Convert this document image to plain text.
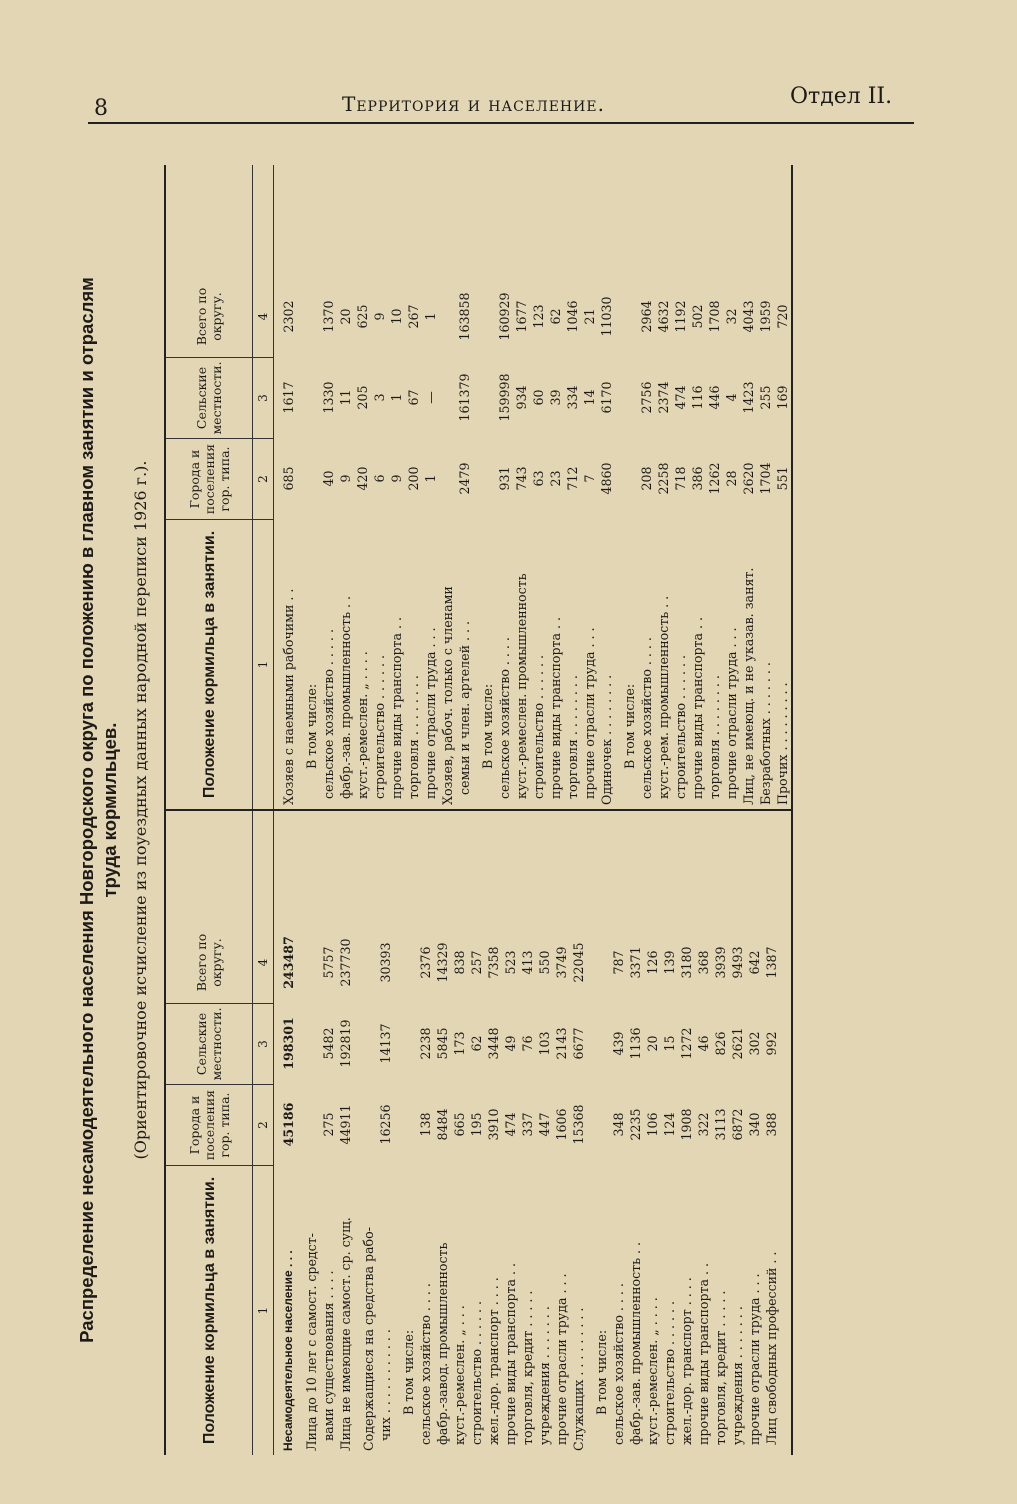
8	Территория и население.	Отдел II.

Распределение несамодеятельного населения Новгородского округа по положению в главном занятии и отраслям труда кормильцев. (Ориентировочное исчисление из поуездных данных народной переписи 1926 г.).

Положение кормильца в занятии.
Города и поселения гор. типа.
Сельские местности.
Всего по округу.
1
2
3
4
Несамодеятельное население . . .
45186
198301
243487
Лица до 10 лет с самост. средст- вами существования . . . .
275
5482
5757
Лица не имеющие самост. ср. сущ.
44911
192819
237730
Содержащиеся на средства рабо- чих . . . . . . . . . . .
16256
14137
30393
В том числе: сельское хозяйство . . . .
138
2238
2376
фабр.-завод. промышленность
8484
5845
14329
куст.-ремеслен. „ . . .
665
173
838
строительство . . . . . .
195
62
257
жел.-дор. транспорт . . . .
3910
3448
7358
прочие виды транспорта . .
474
49
523
торговля, кредит . . . . .
337
76
413
учреждения . . . . . . .
447
103
550
прочие отрасли труда . . .
1606
2143
3749
Служащих . . . . . . . . .
15368
6677
22045
В том числе: сельское хозяйство . . . .
348
439
787
фабр.-зав. промышленность . .
2235
1136
3371
куст.-ремеслен. „ . . . .
106
20
126
строительство . . . . . .
124
15
139
жел.-дор. транспорт . . . .
1908
1272
3180
прочие виды транспорта . .
322
46
368
торговля, кредит . . . . .
3113
826
3939
учреждения . . . . . . .
6872
2621
9493
прочие отрасли труда . . .
340
302
642
Лиц свободных профессий . .
388
992
1387
Положение кормильца в занятии.
Города и поселения гор. типа.
Сельские местности.
Всего по округу.
1
2
3
4
Хозяев с наемными рабочими . .
685
1617
2302
В том числе: сельское хозяйство . . . . .
40
1330
1370
фабр.-зав. промышленность . .
9
11
20
куст.-ремеслен. „ . . . .
420
205
625
строительство . . . . . .
6
3
9
прочие виды транспорта . .
9
1
10
торговля . . . . . . . .
200
67
267
прочие отрасли труда . . .
1
—
1
Хозяев, рабоч. только с членами семьи и член. артелей . . .
2479
161379
163858
В том числе: сельское хозяйство . . . .
931
159998
160929
куст.-ремеслен. промышленность
743
934
1677
строительство . . . . . .
63
60
123
прочие виды транспорта . .
23
39
62
торговля . . . . . . . .
712
334
1046
прочие отрасли труда . . .
7
14
21
Одиночек . . . . . . . .
4860
6170
11030
В том числе: сельское хозяйство . . . .
208
2756
2964
куст.-рем. промышленность . .
2258
2374
4632
строительство . . . . . .
718
474
1192
прочие виды транспорта . .
386
116
502
торговля . . . . . . . .
1262
446
1708
прочие отрасли труда . . .
28
4
32
Лиц, не имеющ. и не указав. занят.
2620
1423
4043
Безработных . . . . . . .
1704
255
1959
Прочих . . . . . . . . .
551
169
720
